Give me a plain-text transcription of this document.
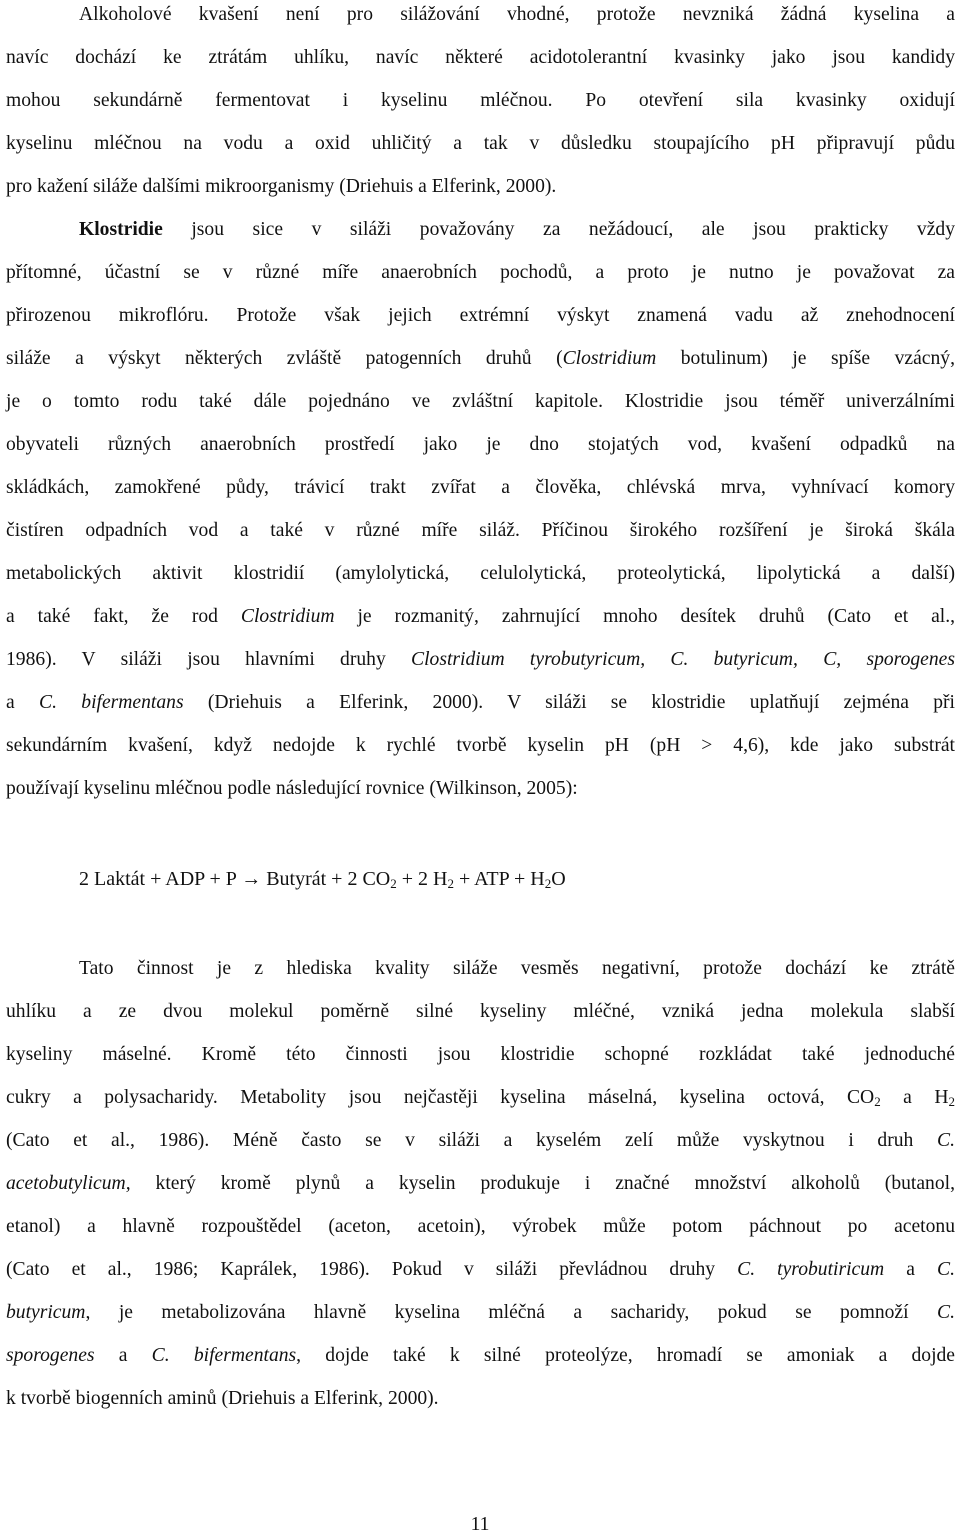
Alkoholové kvašení není pro silážování vhodné, protože nevzniká žádná kyselina a
navíc dochází ke ztrátám uhlíku, navíc některé acidotolerantní kvasinky jako jsou kandidy
mohou sekundárně fermentovat i kyselinu mléčnou. Po otevření sila kvasinky oxidují
kyselinu mléčnou na vodu a oxid uhličitý a tak v důsledku stoupajícího pH připravují půdu
pro kažení siláže dalšími mikroorganismy (Driehuis a Elferink, 2000).
Klostridie jsou sice v siláži považovány za nežádoucí, ale jsou prakticky vždy
přítomné, účastní se v různé míře anaerobních pochodů, a proto je nutno je považovat za
přirozenou mikroflóru. Protože však jejich extrémní výskyt znamená vadu až znehodnocení
siláže a výskyt některých zvláště patogenních druhů (Clostridium botulinum) je spíše vzácný,
je o tomto rodu také dále pojednáno ve zvláštní kapitole. Klostridie jsou téměř univerzálními
obyvateli různých anaerobních prostředí jako je dno stojatých vod, kvašení odpadků na
skládkách, zamokřené půdy, trávicí trakt zvířat a člověka, chlévská mrva, vyhnívací komory
čistíren odpadních vod a také v různé míře siláž. Příčinou širokého rozšíření je široká škála
metabolických aktivit klostridií (amylolytická, celulolytická, proteolytická, lipolytická a další)
a také fakt, že rod Clostridium je rozmanitý, zahrnující mnoho desítek druhů (Cato et al.,
1986). V siláži jsou hlavními druhy Clostridium tyrobutyricum, C. butyricum, C, sporogenes
a C. bifermentans (Driehuis a Elferink, 2000). V siláži se klostridie uplatňují zejména při
sekundárním kvašení, když nedojde k rychlé tvorbě kyselin pH (pH > 4,6), kde jako substrát
používají kyselinu mléčnou podle následující rovnice (Wilkinson, 2005):
2 Laktát + ADP + P → Butyrát + 2 $CO_2 + 2$ $H_2$ + ATP + $H_2O$
Tato činnost je z hlediska kvality siláže vesměs negativní, protože dochází ke ztrátě
uhlíku a ze dvou molekul poměrně silné kyseliny mléčné, vzniká jedna molekula slabší
kyseliny máselné. Kromě této činnosti jsou klostridie schopné rozkládat také jednoduché
cukry a polysacharidy. Metabolity jsou nejčastěji kyselina máselná, kyselina octová, $CO_2$ a $H_2$
(Cato et al., 1986). Méně často se v siláži a kyselém zelí může vyskytnou i druh C.
acetobutylicum, který kromě plynů a kyselin produkuje i značné množství alkoholů (butanol,
etanol) a hlavně rozpouštědel (aceton, acetoin), výrobek může potom páchnout po acetonu
(Cato et al., 1986; Kaprálek, 1986). Pokud v siláži převládnou druhy C. tyrobutiricum a C.
butyricum, je metabolizována hlavně kyselina mléčná a sacharidy, pokud se pomnoží C.
sporogenes a C. bifermentans, dojde také k silné proteolýze, hromadí se amoniak a dojde
k tvorbě biogenních aminů (Driehuis a Elferink, 2000).
11
